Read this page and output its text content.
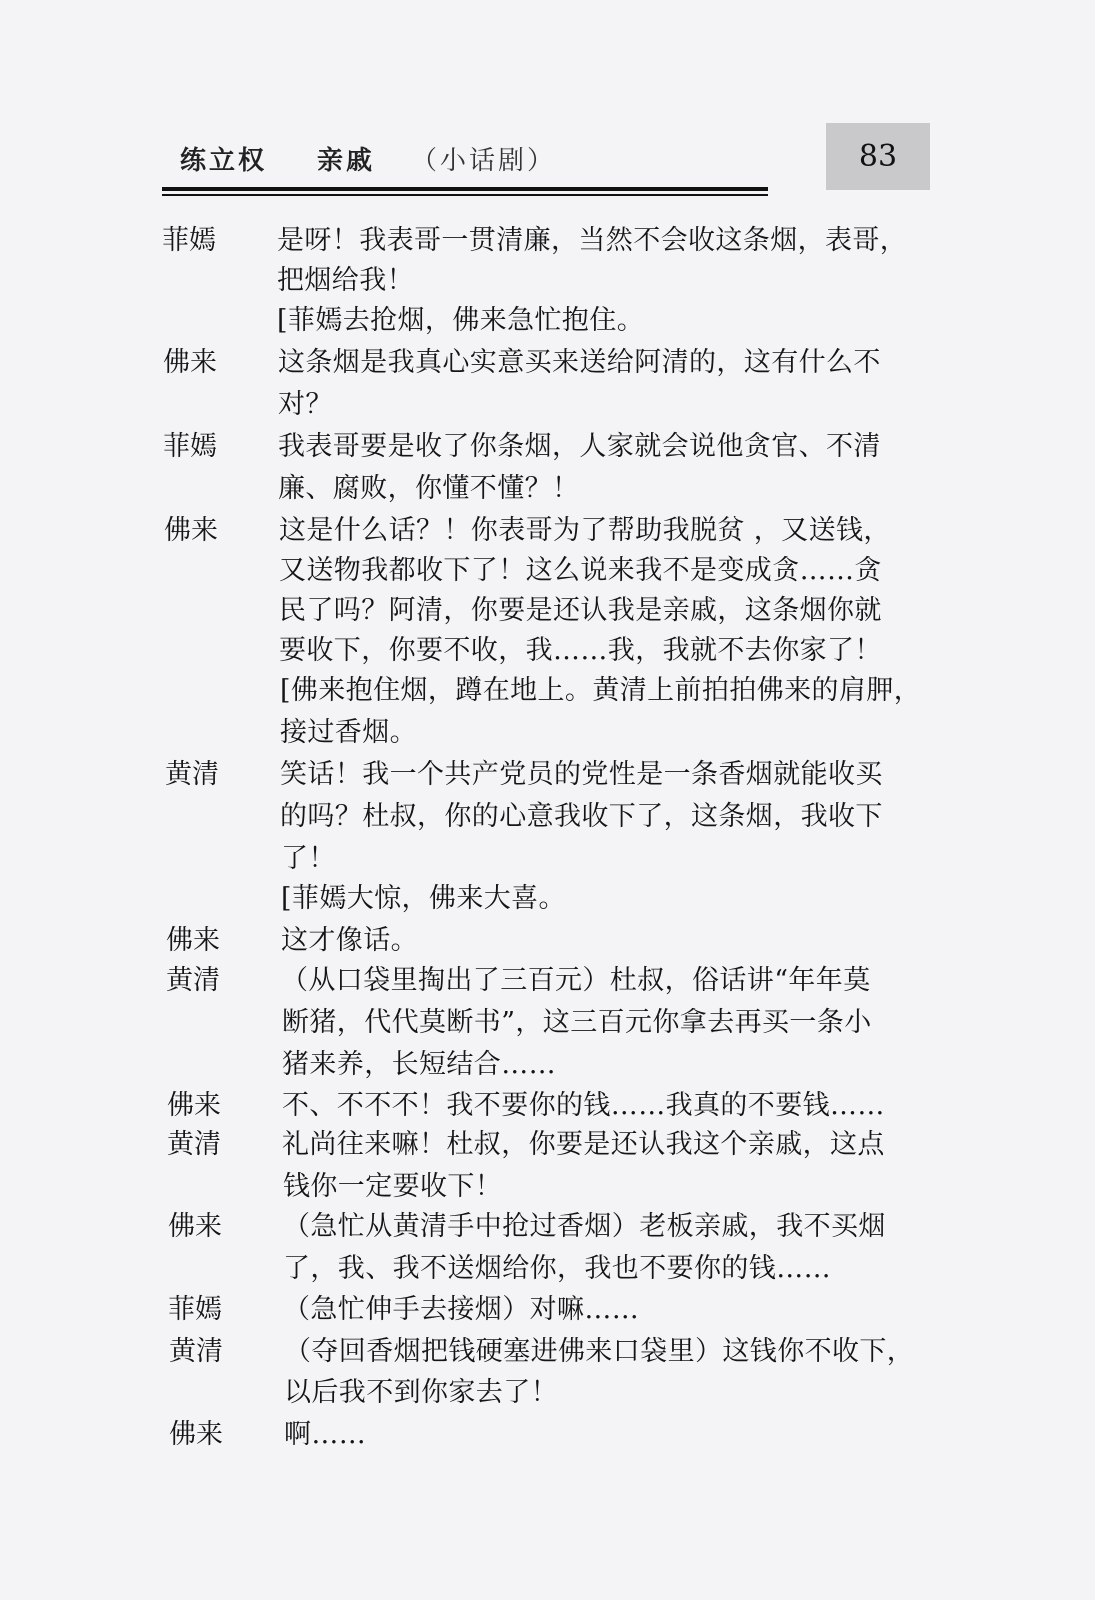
练立权 亲戚 （小话剧）	83
菲嫣 是呀！我表哥一贯清廉，当然不会收这条烟，表哥，
把烟给我！
[菲嫣去抢烟，佛来急忙抱住。
佛来 这条烟是我真心实意买来送给阿清的，这有什么不
对？
菲嫣 我表哥要是收了你条烟，人家就会说他贪官、不清
廉、腐败，你懂不懂？！
佛来 这是什么话？！你表哥为了帮助我脱贫 ，又送钱，
又送物我都收下了！这么说来我不是变成贪……贪
民了吗？阿清，你要是还认我是亲戚，这条烟你就
要收下，你要不收，我……我，我就不去你家了！
[佛来抱住烟，蹲在地上。黄清上前拍拍佛来的肩胛，
接过香烟。
黄清 笑话！我一个共产党员的党性是一条香烟就能收买
的吗？杜叔，你的心意我收下了，这条烟，我收下
了！
[菲嫣大惊，佛来大喜。
佛来 这才像话。
黄清 （从口袋里掏出了三百元）杜叔，俗话讲“年年莫
断猪，代代莫断书”，这三百元你拿去再买一条小
猪来养，长短结合……
佛来 不、不不不！我不要你的钱……我真的不要钱……
黄清 礼尚往来嘛！杜叔，你要是还认我这个亲戚，这点
钱你一定要收下！
佛来 （急忙从黄清手中抢过香烟）老板亲戚，我不买烟
了，我、我不送烟给你，我也不要你的钱……
菲嫣 （急忙伸手去接烟）对嘛……
黄清 （夺回香烟把钱硬塞进佛来口袋里）这钱你不收下，
以后我不到你家去了！
佛来 啊……
